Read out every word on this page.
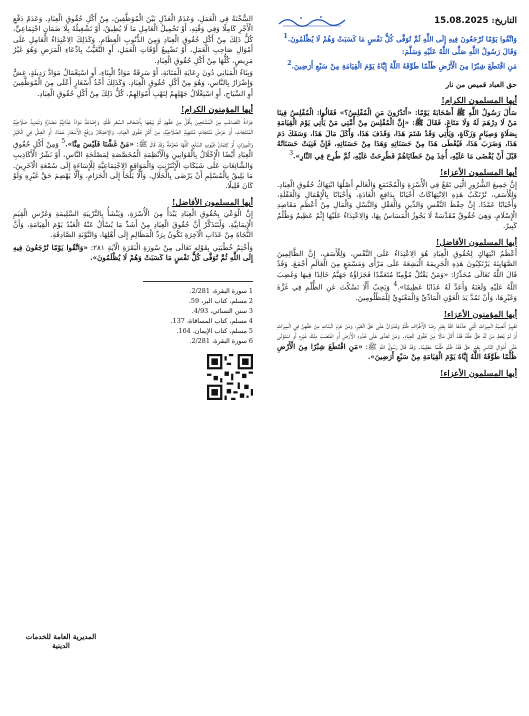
التاريخ: 15.08.2025

وَاتَّقُوا يَوْمًا تُرْجَعُونَ فِيهِ إِلَى اللَّهِ ثُمَّ تُوَفَّى كُلُّ نَفْسٍ مَا كَسَبَتْ وَهُمْ لَا يُظْلَمُونَ.$^1$

وَقَالَ رَسُولُ اللَّهِ صَلَّى اللَّهُ عَلَيْهِ وَسَلَّمَ:

مَنِ اقْتَطَعَ شِبْرًا مِنَ الْأَرْضِ ظُلْمًا طَوَّقَهُ اللَّهُ إِيَّاهُ يَوْمَ الْقِيَامَةِ مِنْ سَبْعِ أَرَضِينَ.$^2$

حق العباد قميص من نار

أيها المسلمون الكرام!

سَأَلَ رَسُولُ اللَّهِ ﷺ أَصْحَابَهُ يَوْمًا: «أَتَدْرُونَ مَنِ الْمُفْلِسُ؟» فَقَالُوا: الْمُفْلِسُ فِينَا مَنْ لَا دِرْهَمَ لَهُ وَلَا مَتَاعَ. فَقَالَ ﷺ: «إِنَّ الْمُفْلِسَ مِنْ أُمَّتِي مَنْ يَأْتِي يَوْمَ الْقِيَامَةِ بِصَلَاةٍ وَصِيَامٍ وَزَكَاةٍ، وَيَأْتِي وَقَدْ شَتَمَ هَذَا، وَقَذَفَ هَذَا، وَأَكَلَ مَالَ هَذَا، وَسَفَكَ دَمَ هَذَا، وَضَرَبَ هَذَا، فَيُعْطَى هَذَا مِنْ حَسَنَاتِهِ وَهَذَا مِنْ حَسَنَاتِهِ، فَإِنْ فَنِيَتْ حَسَنَاتُهُ قَبْلَ أَنْ يُقْضَى مَا عَلَيْهِ، أُخِذَ مِنْ خَطَايَاهُمْ فَطُرِحَتْ عَلَيْهِ، ثُمَّ طُرِحَ فِي النَّارِ».$^3$

أيها المسلمون الأعزاء!

إِنَّ جَمِيعَ الشُّرُورِ الَّتِي تَقَعُ فِي الْأُسْرَةِ وَالْمُجْتَمَعِ وَالْعَالَمِ أَصْلُهَا انْتِهَاكُ حُقُوقِ الْعِبَادِ. وَلِلْأَسَفِ، تُرْتَكَبُ هَذِهِ الِانْتِهَاكَاتُ أَحْيَانًا بِدَافِعِ الْعَادَةِ، وَأَحْيَانًا بِالْإِهْمَالِ وَالْغَفْلَةِ، وَأَحْيَانًا عَمْدًا. إِنَّ حِفْظَ النَّفْسِ وَالدِّينِ وَالْعَقْلِ وَالنَّسْلِ وَالْمَالِ مِنْ أَعْظَمِ مَقَاصِدِ الْإِسْلَامِ، وَهِيَ حُقُوقٌ مُقَدَّسَةٌ لَا يَجُوزُ الْمَسَاسُ بِهَا، وَالِاعْتِدَاءُ عَلَيْهَا إِثْمٌ عَظِيمٌ وَظُلْمٌ كَبِيرٌ.

أيها المسلمون الأفاضل!

أَعْظَمُ انْتِهَاكٍ لِحُقُوقِ الْعِبَادِ هُوَ الِاعْتِدَاءُ عَلَى النَّفْسِ، وَلِلْأَسَفِ، إِنَّ الظَّالِمِينَ الصَّهَايِنَةَ يَرْتَكِبُونَ هَذِهِ الْجَرِيمَةَ الْبَشِعَةَ عَلَى مَرْأًى وَمَسْمَعٍ مِنَ الْعَالَمِ أَجْمَعَ. وَقَدْ قَالَ اللَّهُ تَعَالَى مُحَذِّرًا: «وَمَنْ يَقْتُلْ مُؤْمِنًا مُتَعَمِّدًا فَجَزَاؤُهُ جَهَنَّمُ خَالِدًا فِيهَا وَغَضِبَ اللَّهُ عَلَيْهِ وَلَعَنَهُ وَأَعَدَّ لَهُ عَذَابًا عَظِيمًا».$^4$ وَيَجِبُ أَلَّا نَسْكُتَ عَنِ الظُّلْمِ فِي غَزَّةَ وَغَيْرِهَا، وَأَنْ نَمُدَّ يَدَ الْعَوْنِ الْمَادِّيِّ وَالْمَعْنَوِيِّ لِلْمَظْلُومِينَ.

أيها المؤمنون الأعزاء!

تَغْيِيرُ أَنْصِبَةِ الْمِيرَاثِ الَّتِي حَدَّدَهَا اللَّهُ بِغَيْرِ رِضَا الْأَطْرَافِ ظُلْمٌ وَعُدْوَانٌ عَلَى حَقِّ الْغَيْرِ، وَمَنْ حَرَمَ الْبَنَاتِ مِنْ حَقِّهِنَّ فِي الْمِيرَاثِ أَوْ لَمْ يُعْطِ مَنْ لَهُ حَقٌّ حَقَّهُ فَقَدْ أَكَلَ مَالًا مِنْ حُقُوقِ الْعِبَادِ. وَمَنْ تَعَدَّى عَلَى حُدُودِ الْأَرْضِ أَوِ اغْتَصَبَ مِلْكَ غَيْرِهِ أَوِ اسْتَوْلَى عَلَى أَمْوَالِ النَّاسِ بِغَيْرِ حَقٍّ فَقَدْ ظَلَمَ ظُلْمًا عَظِيمًا. وَقَدْ قَالَ رَسُولُ اللَّهِ ﷺ: «مَنِ اقْتَطَعَ شِبْرًا مِنَ الْأَرْضِ ظُلْمًا طَوَّقَهُ اللَّهُ إِيَّاهُ يَوْمَ الْقِيَامَةِ مِنْ سَبْعِ أَرَضِينَ».

أيها المسلمون الأعزاء!

السُّخْنَةُ فِي الْعَمَلِ، وَعَدَمُ الْعَدْلِ بَيْنَ الْمُوَظَّفِينَ، مِنْ أَكْلِ حُقُوقِ الْعِبَادِ. وَعَدَمُ دَفْعِ الْأَجْرِ كَامِلًا وَفِي وَقْتِهِ، أَوْ تَحْمِيلُ الْعَامِلِ مَا لَا يُطِيقُ، أَوْ تَشْغِيلُهُ بِلَا ضَمَانٍ اجْتِمَاعِيٍّ، كُلُّ ذَلِكَ مِنْ أَكْلِ حُقُوقِ الْعِبَادِ وَمِنَ الذُّنُوبِ الْعِظَامِ. وَكَذَلِكَ الِاعْتِدَاءُ الْعَامِلِ عَلَى أَمْوَالِ صَاحِبِ الْعَمَلِ، أَوْ تَضْيِيعُ أَوْقَاتِ الْعَمَلِ، أَوِ التَّغَيُّبُ بِادِّعَاءِ الْمَرَضِ وَهُوَ غَيْرُ مَرِيضٍ، كُلُّهَا مِنْ أَكْلِ حُقُوقِ الْعِبَادِ.

وَبِنَاءُ الْمَبَانِي دُونَ رِعَايَةِ الْمَتَانَةِ، أَوْ سَرِقَةُ مَوَادِّ الْبِنَاءِ، أَوِ اسْتِعْمَالُ مَوَادَّ رَدِيئَةٍ، غِشٌّ وَإِضْرَارٌ بِالنَّاسِ، وَهُوَ مِنْ أَكْلِ حُقُوقِ الْعِبَادِ. وَكَذَلِكَ أَخْذُ أَسْعَارٍ أَعْلَى مِنَ الْمُوَظَّفِينَ أَوِ السِّيَاحِ، أَوِ اسْتِغْلَالُ جَهْلِهِمْ لِنَهْبِ أَمْوَالِهِمْ، كُلُّ ذَلِكَ مِنْ أَكْلِ حُقُوقِ الْعِبَادِ.

أيها المؤمنون الكرام!

جَرَاءَةُ التَّصَاعُبِ مِنْ الْمُشْتَحِينَ بِأَقَلَّ مِنْ حَقِّهِمْ ثُمَّ بَيْعُهَا بِأَضْعَافِ السِّعْرِ ظُلْمٌ، وَإِضَاعَةُ مَوَادِّ غِذَائِيَّةٍ مَضَارَّةٍ وَتَمْدِيدُ صَلَاحِيَّةِ الْمُنْتَجَاتِ، أَوْ عَرْضُ مُنْتَجَاتٍ مُنْتَهِيَةِ الصَّلَاحِيَّةِ، مِنْ أَكْلِ حُقُوقِ الْعِبَادِ. وَالِاحْتِكَارُ وَرَفْعُ الْأَسْعَارِ عَمْدًا، أَوِ الْغِشُّ فِي الْكَيْلِ وَالْمِيزَانِ، أَوْ كِتْمَانُ عُيُوبِ السِّلَعِ، كُلُّهَا مُحَرَّمَةٌ وَقَدْ قَالَ ﷺ: «مَنْ غَشَّنَا فَلَيْسَ مِنَّا».$^5$ وَمِنْ أَكْلِ حُقُوقِ الْعِبَادِ أَيْضًا الْإِخْلَالُ بِالْقَوَانِينِ وَالْأَنْظِمَةِ الْمُخَصَّصَةِ لِمَصْلَحَةِ النَّاسِ، أَوْ نَشْرُ الْأَكَاذِيبِ وَالشَّائِعَاتِ عَلَى شَبَكَاتِ الْإِنْتَرْنِتِ وَالْمَوَاقِعِ الِاجْتِمَاعِيَّةِ لِلْإِسَاءَةِ إِلَى سُمْعَةِ الْآخَرِينَ. مَا يَلِيقُ بِالْمُسْلِمِ أَنْ يَرْضَى بِالْحَلَالِ، وَأَلَّا يَلْجَأَ إِلَى الْحَرَامِ، وَأَلَّا يَهْضِمَ حَقَّ غَيْرِهِ وَلَوْ كَانَ قَلِيلًا.

أيها المسلمون الأفاضل!

إِنَّ الْوَعْيَ بِحُقُوقِ الْعِبَادِ يَبْدَأُ مِنَ الْأُسْرَةِ، وَيَنْشَأُ بِالتَّرْبِيَةِ السَّلِيمَةِ وَغَرْسِ الْقِيَمِ الْإِيمَانِيَّةِ. وَلْنَتَذَكَّرْ أَنَّ حُقُوقَ الْعِبَادِ مِنْ أَشَدِّ مَا يُسْأَلُ عَنْهُ الْعَبْدُ يَوْمَ الْقِيَامَةِ، وَأَنَّ النَّجَاةَ مِنْ عَذَابِ الْآخِرَةِ تَكُونُ بِرَدِّ الْمَظَالِمِ إِلَى أَهْلِهَا، وَالتَّوْبَةِ الصَّادِقَةِ.

وَأَخْتِمُ خُطْبَتِي بِقَوْلِهِ تَعَالَى مِنْ سُورَةِ الْبَقَرَةِ الْآيَةِ ٢٨١: «وَاتَّقُوا يَوْمًا تُرْجَعُونَ فِيهِ إِلَى اللَّهِ ثُمَّ تُوَفَّى كُلُّ نَفْسٍ مَا كَسَبَتْ وَهُمْ لَا يُظْلَمُونَ».

1 سورة البقرة، 2/281.
2 مسلم، كتاب البر، 59.
3 سنن النسائي، 4/93.
4 مسلم، كتاب المساقاة، 137.
5 مسلم، كتاب الإيمان، 164.
6 سورة البقرة، 2/281.
المديرية العامة للخدمات الدينية
